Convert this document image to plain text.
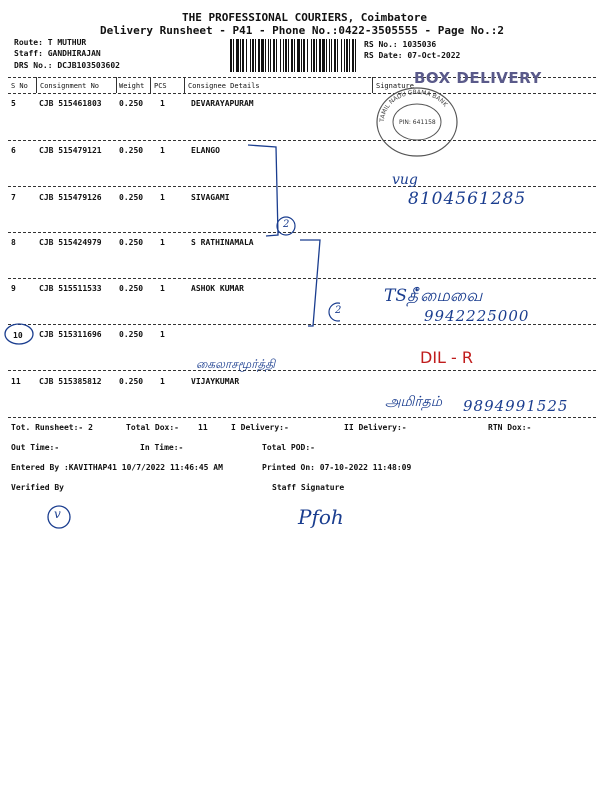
THE PROFESSIONAL COURIERS, Coimbatore
Delivery Runsheet - P41 - Phone No.:0422-3505555 - Page No.:2
Route: T MUTHUR
Staff: GANDHIRAJAN
DRS No.: DCJB103503602
RS No.: 1035036
RS Date: 07-Oct-2022
S No Consignment No	Weight PCS	Consignee Details	Signature BOX DELIVERY
TAMIL NADU GRAMA BANK
PIN: 641158
5	CJB 515461803 0.250 1	DEVARAYAPURAM
6	CJB 515479121 0.250 1	ELANGO
7	CJB 515479126 0.250 1	SIVAGAMI
8	CJB 515424979 0.250 1	S RATHINAMALA
9	CJB 515511533 0.250 1	ASHOK KUMAR
10 CJB 515311696 0.250 1
11 CJB 515385812 0.250 1	VIJAYKUMAR
2
2
vug
8104561285
TSதீ்மைவை
9942225000
கைலாசமூர்த்தி	DIL - R
அமிர்தம் 9894991525
Tot. Runsheet:- 2	Total Dox:- 11	I Delivery:-	II Delivery:-	RTN Dox:-
Out Time:-	In Time:-	Total POD:-
Entered By :KAVITHAP41 10/7/2022 11:46:45 AM	Printed On: 07-10-2022 11:48:09
Verified By	Staff Signature
v	Pfoh
